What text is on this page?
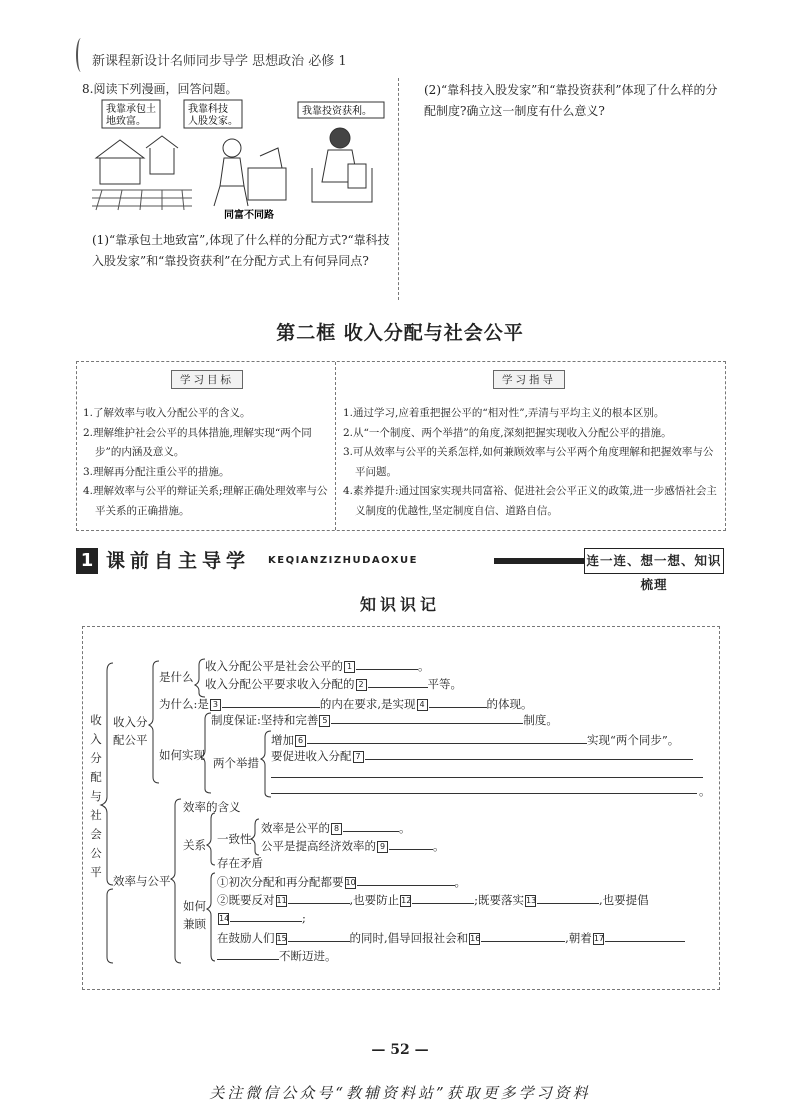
新课程新设计名师同步导学 思想政治 必修 1
8.阅读下列漫画，回答问题。
我靠承包土
地致富。
我靠科技
人股发家。
同富不同路
我靠投资获利。
(1)“靠承包土地致富”,体现了什么样的分配方式?“靠科技入股发家”和“靠投资获利”在分配方式上有何异同点?
(2)“靠科技入股发家”和“靠投资获利”体现了什么样的分配制度?确立这一制度有什么意义?
第二框 收入分配与社会公平
学习目标	学习指导
1.了解效率与收入分配公平的含义。
2.理解维护社会公平的具体措施,理解实现“两个同步”的内涵及意义。
3.理解再分配注重公平的措施。
4.理解效率与公平的辩证关系;理解正确处理效率与公平关系的正确措施。
1.通过学习,应着重把握公平的“相对性”,弄清与平均主义的根本区别。
2.从“一个制度、两个举措”的角度,深刻把握实现收入分配公平的措施。
3.可从效率与公平的关系怎样,如何兼顾效率与公平两个角度理解和把握效率与公平问题。
4.素养提升:通过国家实现共同富裕、促进社会公平正义的政策,进一步感悟社会主义制度的优越性,坚定制度自信、道路自信。
1 课前自主导学 KEQIANZIZHUDAOXUE	连一连、想一想、知识梳理
知识识记
收
入
分
配
与
社
会
公
平
收入分
配公平
是什么
收入分配公平是社会公平的 1	。
收入分配公平要求收入分配的 2	平等。
为什么:是 3	的内在要求,是实现 4	的体现。
如何实现
制度保证:坚持和完善 5	制度。
两个举措
增加 6	实现“两个同步”。
要促进收入分配 7
。
效率与公平
效率的含义
关系 一致性
效率是公平的 8	。
公平是提高经济效率的 9	。
存在矛盾
如何
兼顾
①初次分配和再分配都要 10	。
②既要反对 11	,也要防止 12	;既要落实 13	,也要提倡
14	;
在鼓励人们 15	的同时,倡导回报社会和 16	,朝着 17
不断迈进。
— 52 —
关注微信公众号“教辅资料站”获取更多学习资料
